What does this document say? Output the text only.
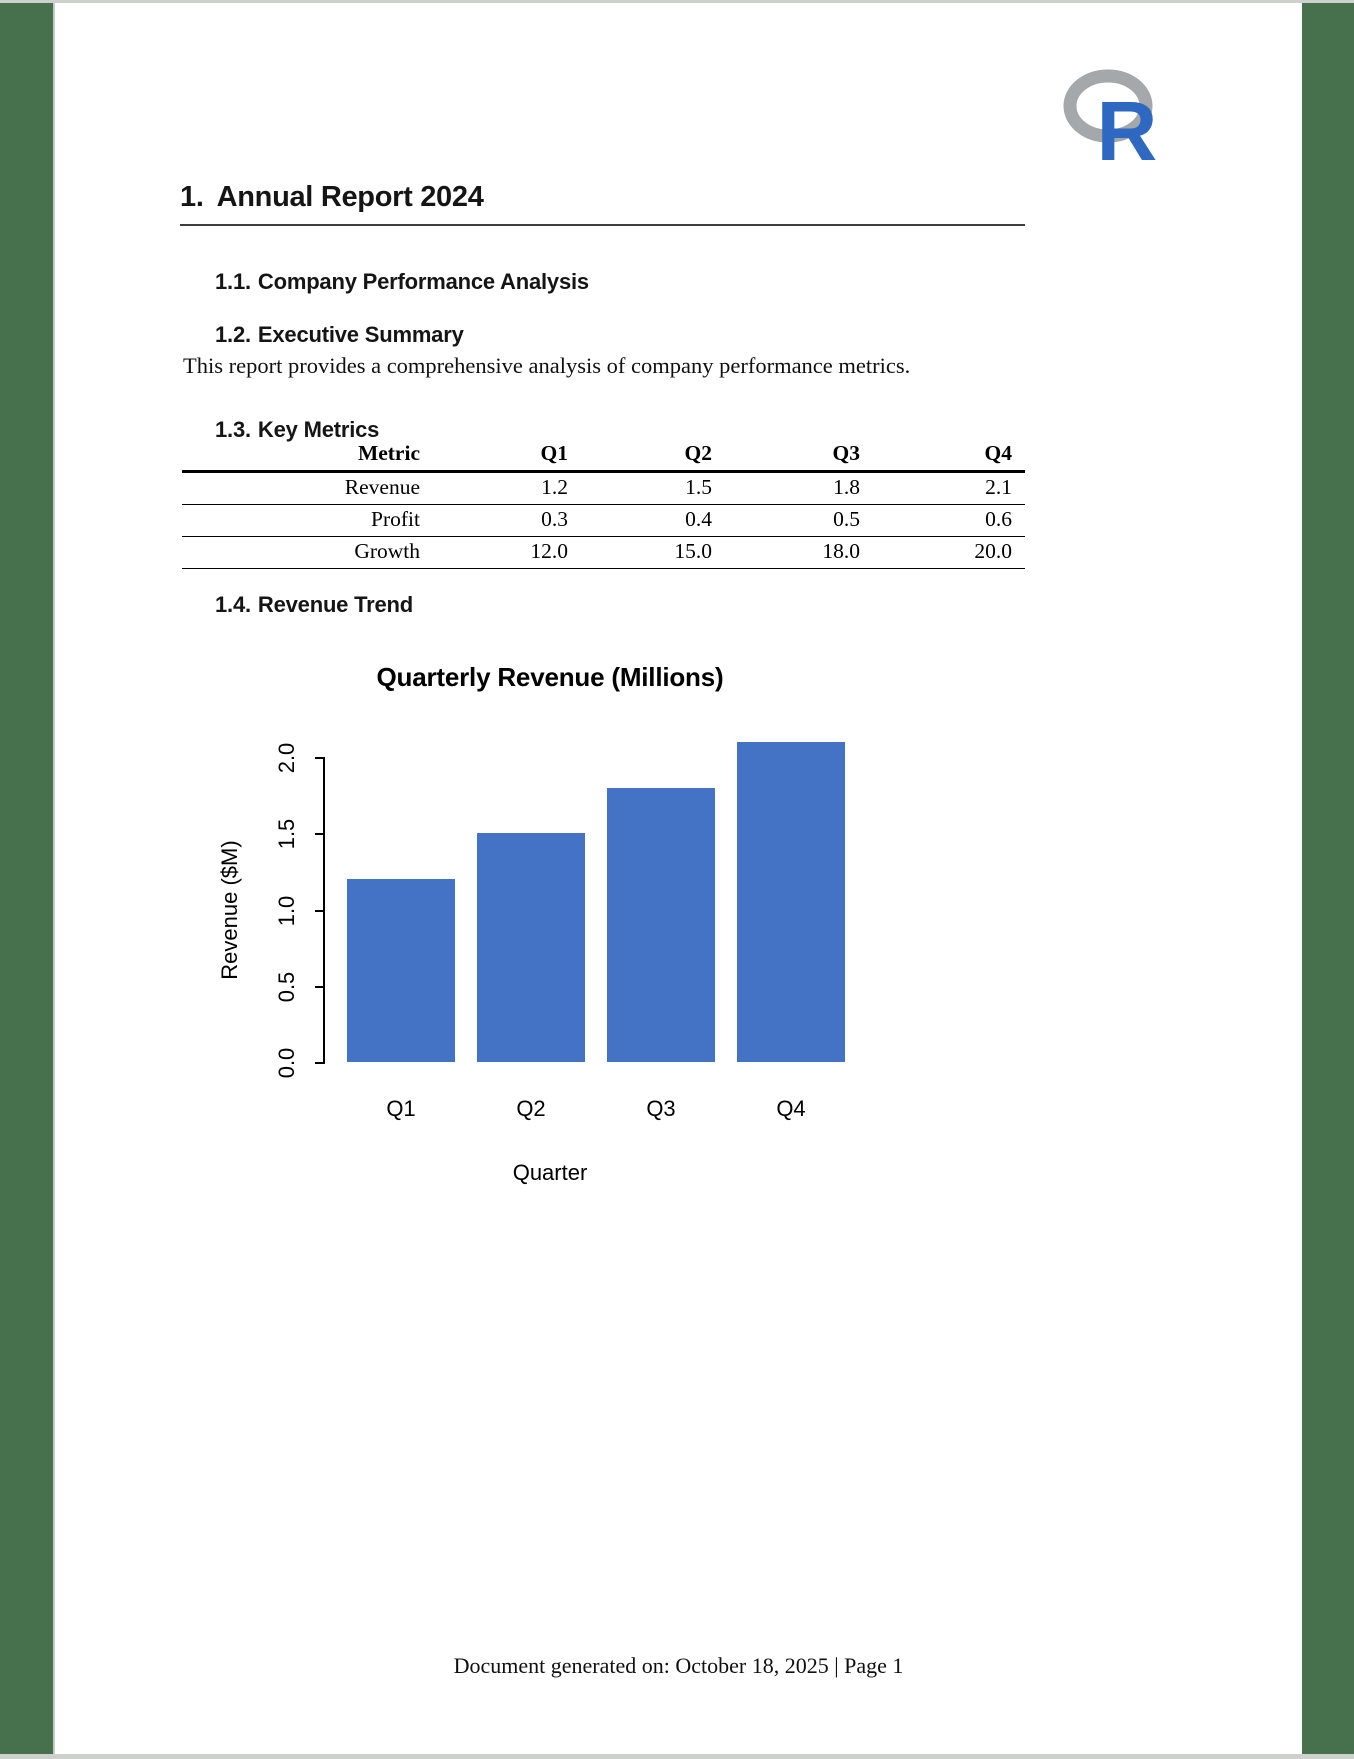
R
1. Annual Report 2024
1.1. Company Performance Analysis
1.2. Executive Summary
This report provides a comprehensive analysis of company performance metrics.
1.3. Key Metrics
Metric	Q1	Q2	Q3	Q4
Revenue	1.2	1.5	1.8	2.1
Profit	0.3	0.4	0.5	0.6
Growth	12.0	15.0	18.0	20.0
1.4. Revenue Trend
Quarterly Revenue (Millions)
Revenue ($M)
0.0
0.5
1.0
1.5
2.0
Q1	Q2	Q3	Q4
Quarter
Document generated on: October 18, 2025 | Page 1
